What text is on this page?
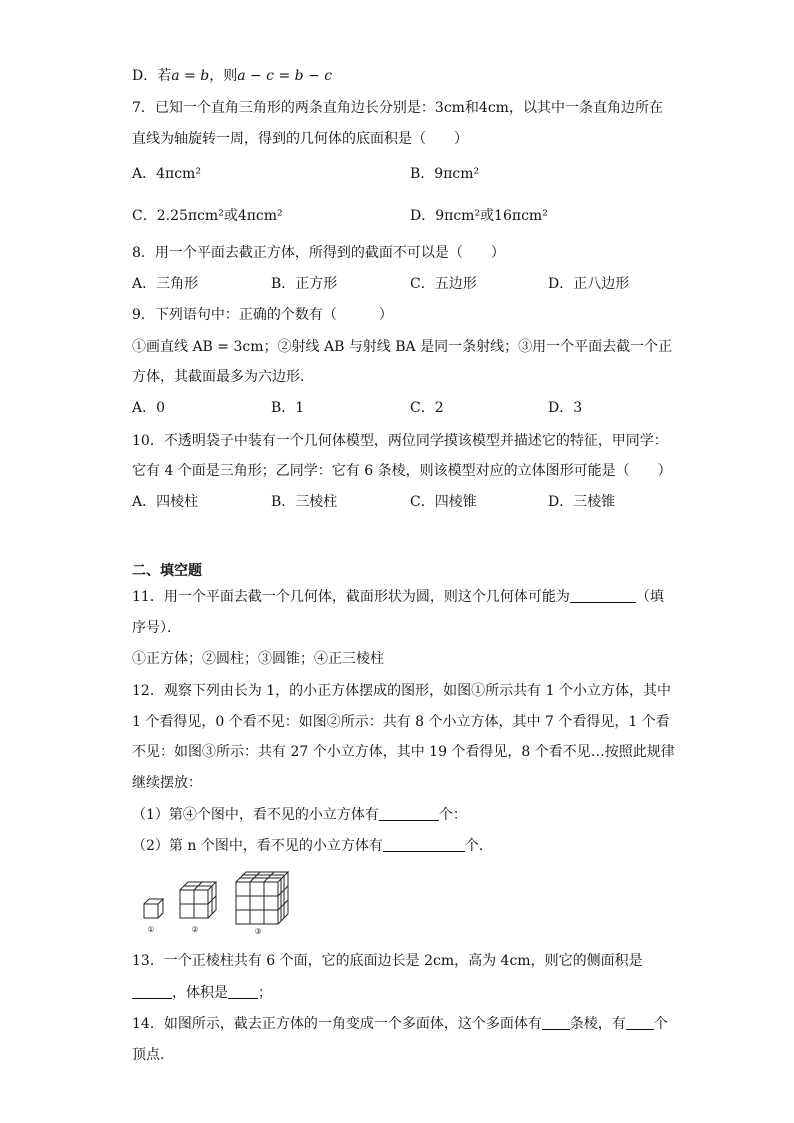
D．若a = b，则a − c = b − c
7．已知一个直角三角形的两条直角边长分别是：3cm和4cm，以其中一条直角边所在
直线为轴旋转一周，得到的几何体的底面积是（　　）
A．4πcm²	B．9πcm²
C．2.25πcm²或4πcm²	D．9πcm²或16πcm²
8．用一个平面去截正方体，所得到的截面不可以是（　　）
A．三角形	B．正方形	C．五边形	D．正八边形
9．下列语句中：正确的个数有（　　　）
①画直线 AB = 3cm；②射线 AB 与射线 BA 是同一条射线；③用一个平面去截一个正
方体，其截面最多为六边形．
A．0	B．1	C．2	D．3
10．不透明袋子中装有一个几何体模型，两位同学摸该模型并描述它的特征，甲同学：
它有 4 个面是三角形；乙同学：它有 6 条棱，则该模型对应的立体图形可能是（　　）
A．四棱柱	B．三棱柱	C．四棱锥	D．三棱锥
二、填空题
11．用一个平面去截一个几何体，截面形状为圆，则这个几何体可能为	（填
序号）．
①正方体；②圆柱；③圆锥；④正三棱柱
12．观察下列由长为 1，的小正方体摆成的图形，如图①所示共有 1 个小立方体，其中
1 个看得见，0 个看不见：如图②所示：共有 8 个小立方体，其中 7 个看得见，1 个看
不见：如图③所示：共有 27 个小立方体，其中 19 个看得见，8 个看不见…按照此规律
继续摆放：
（1）第④个图中，看不见的小立方体有	个：
（2）第 n 个图中，看不见的小立方体有	个．
①	②	③
13．一个正棱柱共有 6 个面，它的底面边长是 2cm，高为 4cm，则它的侧面积是
，体积是 ；
14．如图所示，截去正方体的一角变成一个多面体，这个多面体有 条棱，有 个
顶点．
